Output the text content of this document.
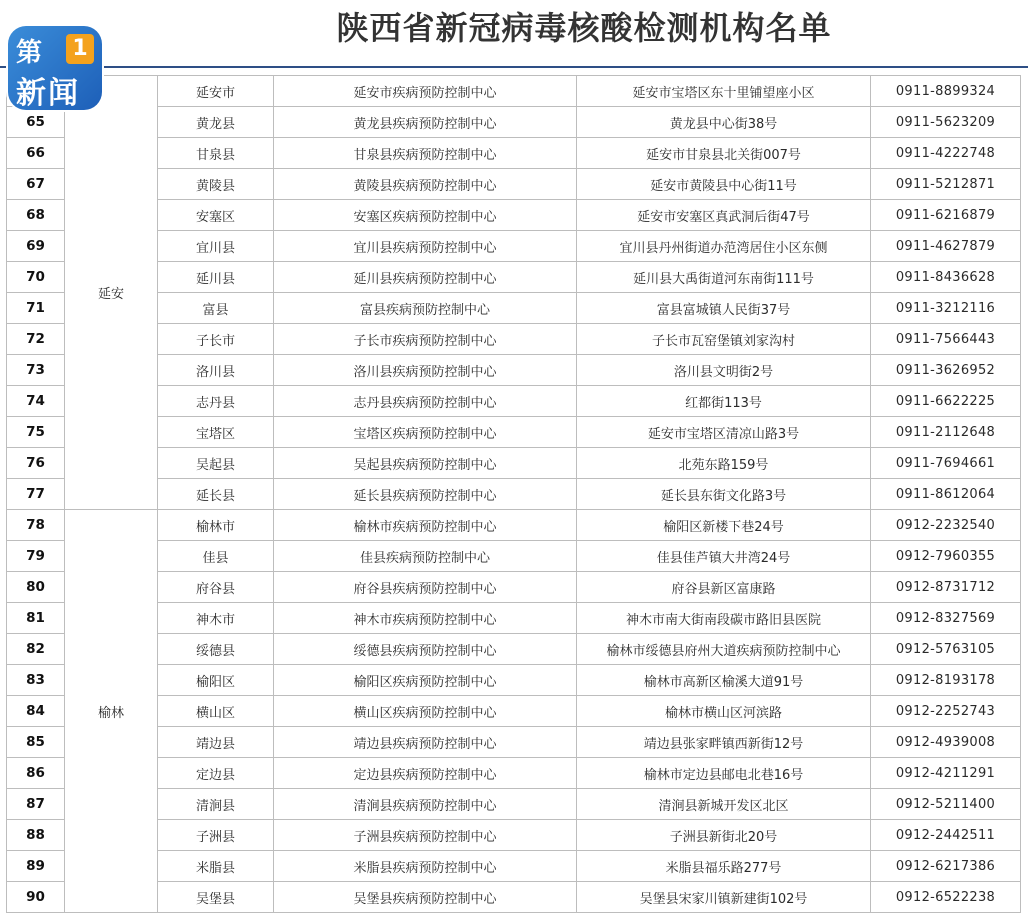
陕西省新冠病毒核酸检测机构名单
第 1
新闻
	延安	延安市	延安市疾病预防控制中心	延安市宝塔区东十里铺望座小区	0911-8899324
65		黄龙县	黄龙县疾病预防控制中心	黄龙县中心街38号	0911-5623209
66		甘泉县	甘泉县疾病预防控制中心	延安市甘泉县北关街007号	0911-4222748
67		黄陵县	黄陵县疾病预防控制中心	延安市黄陵县中心街11号	0911-5212871
68		安塞区	安塞区疾病预防控制中心	延安市安塞区真武洞后街47号	0911-6216879
69		宜川县	宜川县疾病预防控制中心	宜川县丹州街道办范湾居住小区东侧	0911-4627879
70		延川县	延川县疾病预防控制中心	延川县大禹街道河东南街111号	0911-8436628
71		富县	富县疾病预防控制中心	富县富城镇人民街37号	0911-3212116
72		子长市	子长市疾病预防控制中心	子长市瓦窑堡镇刘家沟村	0911-7566443
73		洛川县	洛川县疾病预防控制中心	洛川县文明街2号	0911-3626952
74		志丹县	志丹县疾病预防控制中心	红都街113号	0911-6622225
75		宝塔区	宝塔区疾病预防控制中心	延安市宝塔区清凉山路3号	0911-2112648
76		吴起县	吴起县疾病预防控制中心	北苑东路159号	0911-7694661
77		延长县	延长县疾病预防控制中心	延长县东街文化路3号	0911-8612064
78	榆林	榆林市	榆林市疾病预防控制中心	榆阳区新楼下巷24号	0912-2232540
79		佳县	佳县疾病预防控制中心	佳县佳芦镇大井湾24号	0912-7960355
80		府谷县	府谷县疾病预防控制中心	府谷县新区富康路	0912-8731712
81		神木市	神木市疾病预防控制中心	神木市南大街南段碳市路旧县医院	0912-8327569
82		绥德县	绥德县疾病预防控制中心	榆林市绥德县府州大道疾病预防控制中心	0912-5763105
83		榆阳区	榆阳区疾病预防控制中心	榆林市高新区榆溪大道91号	0912-8193178
84		横山区	横山区疾病预防控制中心	榆林市横山区河滨路	0912-2252743
85		靖边县	靖边县疾病预防控制中心	靖边县张家畔镇西新街12号	0912-4939008
86		定边县	定边县疾病预防控制中心	榆林市定边县邮电北巷16号	0912-4211291
87		清涧县	清涧县疾病预防控制中心	清涧县新城开发区北区	0912-5211400
88		子洲县	子洲县疾病预防控制中心	子洲县新街北20号	0912-2442511
89		米脂县	米脂县疾病预防控制中心	米脂县福乐路277号	0912-6217386
90		吴堡县	吴堡县疾病预防控制中心	吴堡县宋家川镇新建街102号	0912-6522238
